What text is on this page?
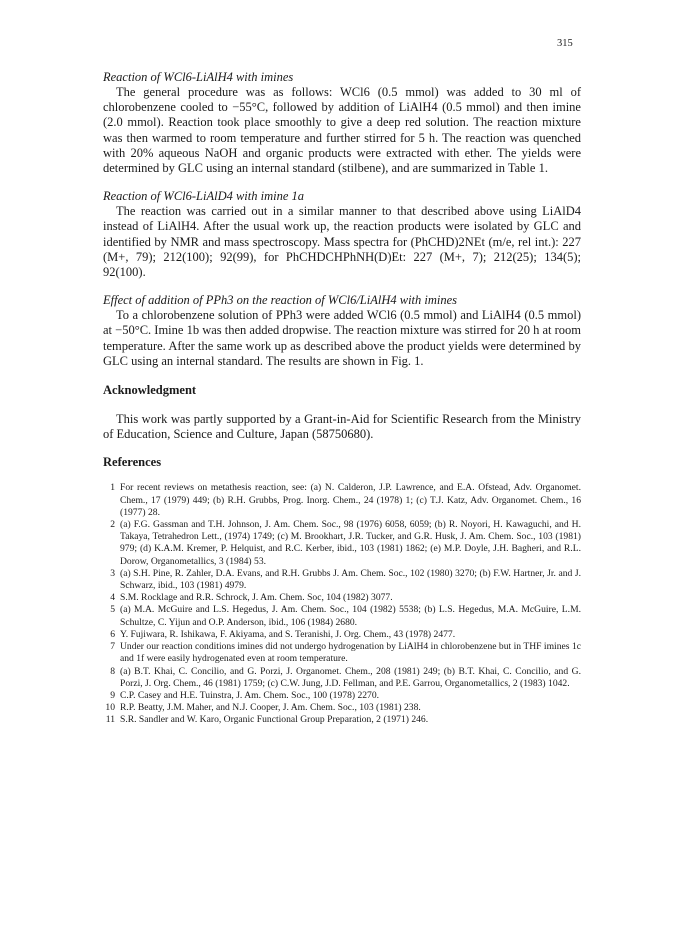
315

Reaction of WCl6-LiAlH4 with imines

The general procedure was as follows: WCl6 (0.5 mmol) was added to 30 ml of chlorobenzene cooled to −55°C, followed by addition of LiAlH4 (0.5 mmol) and then imine (2.0 mmol). Reaction took place smoothly to give a deep red solution. The reaction mixture was then warmed to room temperature and further stirred for 5 h. The reaction was quenched with 20% aqueous NaOH and organic products were extracted with ether. The yields were determined by GLC using an internal standard (stilbene), and are summarized in Table 1.

Reaction of WCl6-LiAlD4 with imine 1a

The reaction was carried out in a similar manner to that described above using LiAlD4 instead of LiAlH4. After the usual work up, the reaction products were isolated by GLC and identified by NMR and mass spectroscopy. Mass spectra for (PhCHD)2NEt (m/e, rel int.): 227 (M+, 79); 212(100); 92(99), for PhCHDCHPhNH(D)Et: 227 (M+, 7); 212(25); 134(5); 92(100).

Effect of addition of PPh3 on the reaction of WCl6/LiAlH4 with imines

To a chlorobenzene solution of PPh3 were added WCl6 (0.5 mmol) and LiAlH4 (0.5 mmol) at −50°C. Imine 1b was then added dropwise. The reaction mixture was stirred for 20 h at room temperature. After the same work up as described above the product yields were determined by GLC using an internal standard. The results are shown in Fig. 1.

Acknowledgment

This work was partly supported by a Grant-in-Aid for Scientific Research from the Ministry of Education, Science and Culture, Japan (58750680).

References

1 For recent reviews on metathesis reaction, see: (a) N. Calderon, J.P. Lawrence, and E.A. Ofstead, Adv. Organomet. Chem., 17 (1979) 449; (b) R.H. Grubbs, Prog. Inorg. Chem., 24 (1978) 1; (c) T.J. Katz, Adv. Organomet. Chem., 16 (1977) 28.
2 (a) F.G. Gassman and T.H. Johnson, J. Am. Chem. Soc., 98 (1976) 6058, 6059; (b) R. Noyori, H. Kawaguchi, and H. Takaya, Tetrahedron Lett., (1974) 1749; (c) M. Brookhart, J.R. Tucker, and G.R. Husk, J. Am. Chem. Soc., 103 (1981) 979; (d) K.A.M. Kremer, P. Helquist, and R.C. Kerber, ibid., 103 (1981) 1862; (e) M.P. Doyle, J.H. Bagheri, and R.L. Dorow, Organometallics, 3 (1984) 53.
3 (a) S.H. Pine, R. Zahler, D.A. Evans, and R.H. Grubbs J. Am. Chem. Soc., 102 (1980) 3270; (b) F.W. Hartner, Jr. and J. Schwarz, ibid., 103 (1981) 4979.
4 S.M. Rocklage and R.R. Schrock, J. Am. Chem. Soc, 104 (1982) 3077.
5 (a) M.A. McGuire and L.S. Hegedus, J. Am. Chem. Soc., 104 (1982) 5538; (b) L.S. Hegedus, M.A. McGuire, L.M. Schultze, C. Yijun and O.P. Anderson, ibid., 106 (1984) 2680.
6 Y. Fujiwara, R. Ishikawa, F. Akiyama, and S. Teranishi, J. Org. Chem., 43 (1978) 2477.
7 Under our reaction conditions imines did not undergo hydrogenation by LiAlH4 in chlorobenzene but in THF imines 1c and 1f were easily hydrogenated even at room temperature.
8 (a) B.T. Khai, C. Concilio, and G. Porzi, J. Organomet. Chem., 208 (1981) 249; (b) B.T. Khai, C. Concilio, and G. Porzi, J. Org. Chem., 46 (1981) 1759; (c) C.W. Jung, J.D. Fellman, and P.E. Garrou, Organometallics, 2 (1983) 1042.
9 C.P. Casey and H.E. Tuinstra, J. Am. Chem. Soc., 100 (1978) 2270.
10 R.P. Beatty, J.M. Maher, and N.J. Cooper, J. Am. Chem. Soc., 103 (1981) 238.
11 S.R. Sandler and W. Karo, Organic Functional Group Preparation, 2 (1971) 246.
